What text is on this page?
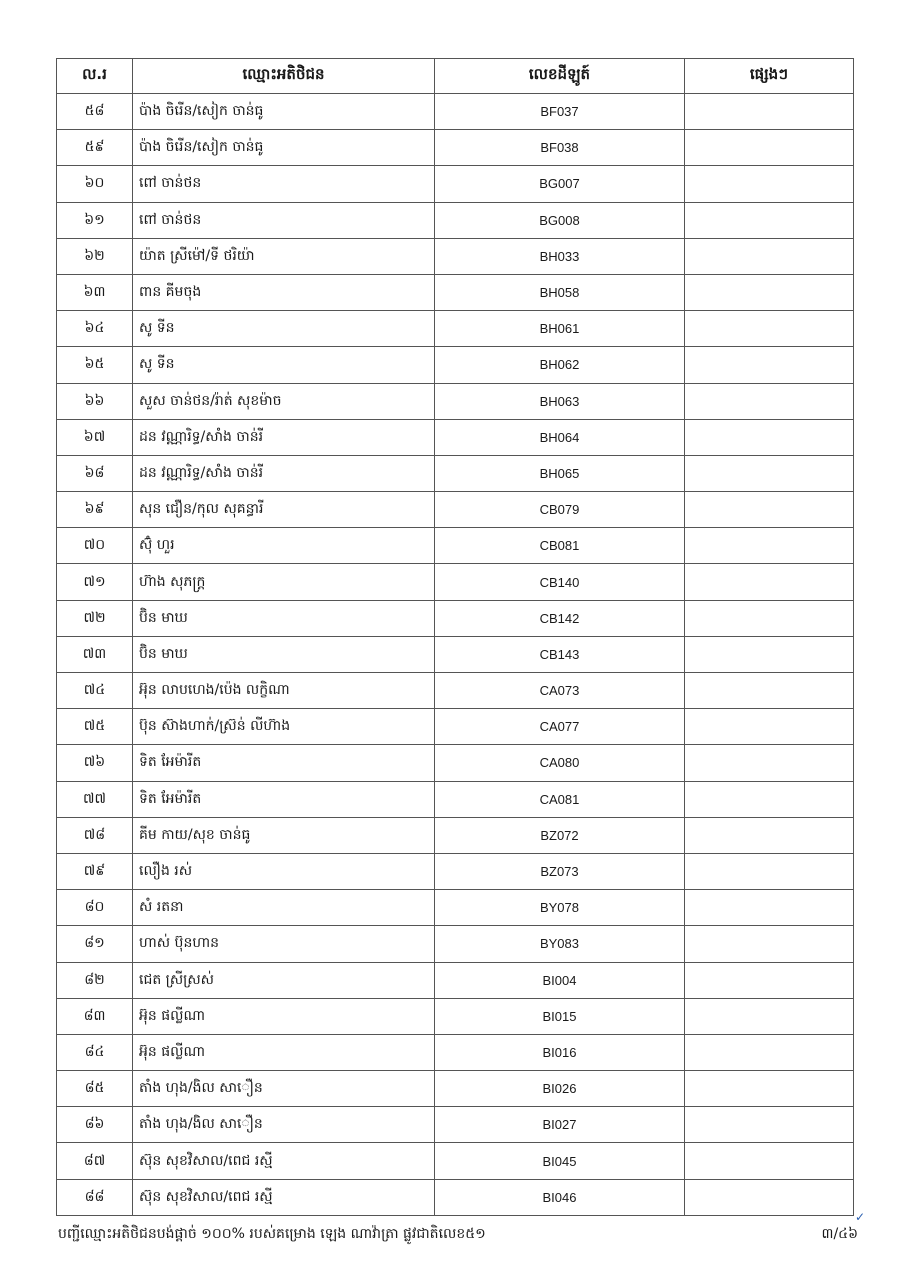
ល.រ	ឈ្មោះអតិថិជន	លេខដីឡូត៍	ផ្សេងៗ
៥៨	ប៉ាង ចិរើន/សៀក ចាន់ធូ	BF037	
៥៩	ប៉ាង ចិរើន/សៀក ចាន់ធូ	BF038	
៦០	ពៅ ចាន់ថន	BG007	
៦១	ពៅ ចាន់ថន	BG008	
៦២	យ៉ាត ស្រីម៉ៅ/ទី ថរិយ៉ា	BH033	
៦៣	ពាន គីមចុង	BH058	
៦៤	សូ ទីន	BH061	
៦៥	សូ ទីន	BH062	
៦៦	សួស ចាន់ថន/រ៉ាត់ សុខម៉ាច	BH063	
៦៧	ដន វណ្ណារិទ្ធ/សាំង ចាន់រី	BH064	
៦៨	ដន វណ្ណារិទ្ធ/សាំង ចាន់រី	BH065	
៦៩	សុន ជឿន/កុល សុគន្ធារី	CB079	
៧០	ស៊ុំ ហួរ	CB081	
៧១	ហ៊ាង សុភក្ត្រ	CB140	
៧២	ប៊ិន មាឃ	CB142	
៧៣	ប៊ិន មាឃ	CB143	
៧៤	អ៊ុន លាបហេង/ប៉េង លក្ខិណា	CA073	
៧៥	ប៊ុន ស៊ាងហាក់/ស្រ៊ន់ លីហ៊ាង	CA077	
៧៦	ទិត អែម៉ារីត	CA080	
៧៧	ទិត អែម៉ារីត	CA081	
៧៨	គីម កាយ/សុខ ចាន់ធូ	BZ072	
៧៩	លឿង រស់	BZ073	
៨០	សំ រតនា	BY078	
៨១	ហាស់ ប៊ុនហាន	BY083	
៨២	ជេត ស្រីស្រស់	BI004	
៨៣	អ៊ុន ផល្លីណា	BI015	
៨៤	អ៊ុន ផល្លីណា	BI016	
៨៥	តាំង ហុង/ងិល សាឿន	BI026	
៨៦	តាំង ហុង/ងិល សាឿន	BI027	
៨៧	ស៊ុន សុខវិសាល/ពេជ រស្មី	BI045	
៨៨	ស៊ុន សុខវិសាល/ពេជ រស្មី	BI046	
បញ្ជីឈ្មោះអតិថិជនបង់ផ្ដាច់ ១០០% របស់គម្រោង ឡេង ណាវ៉ាត្រា ផ្លូវជាតិលេខ៥១	៣/៤៦
✓
